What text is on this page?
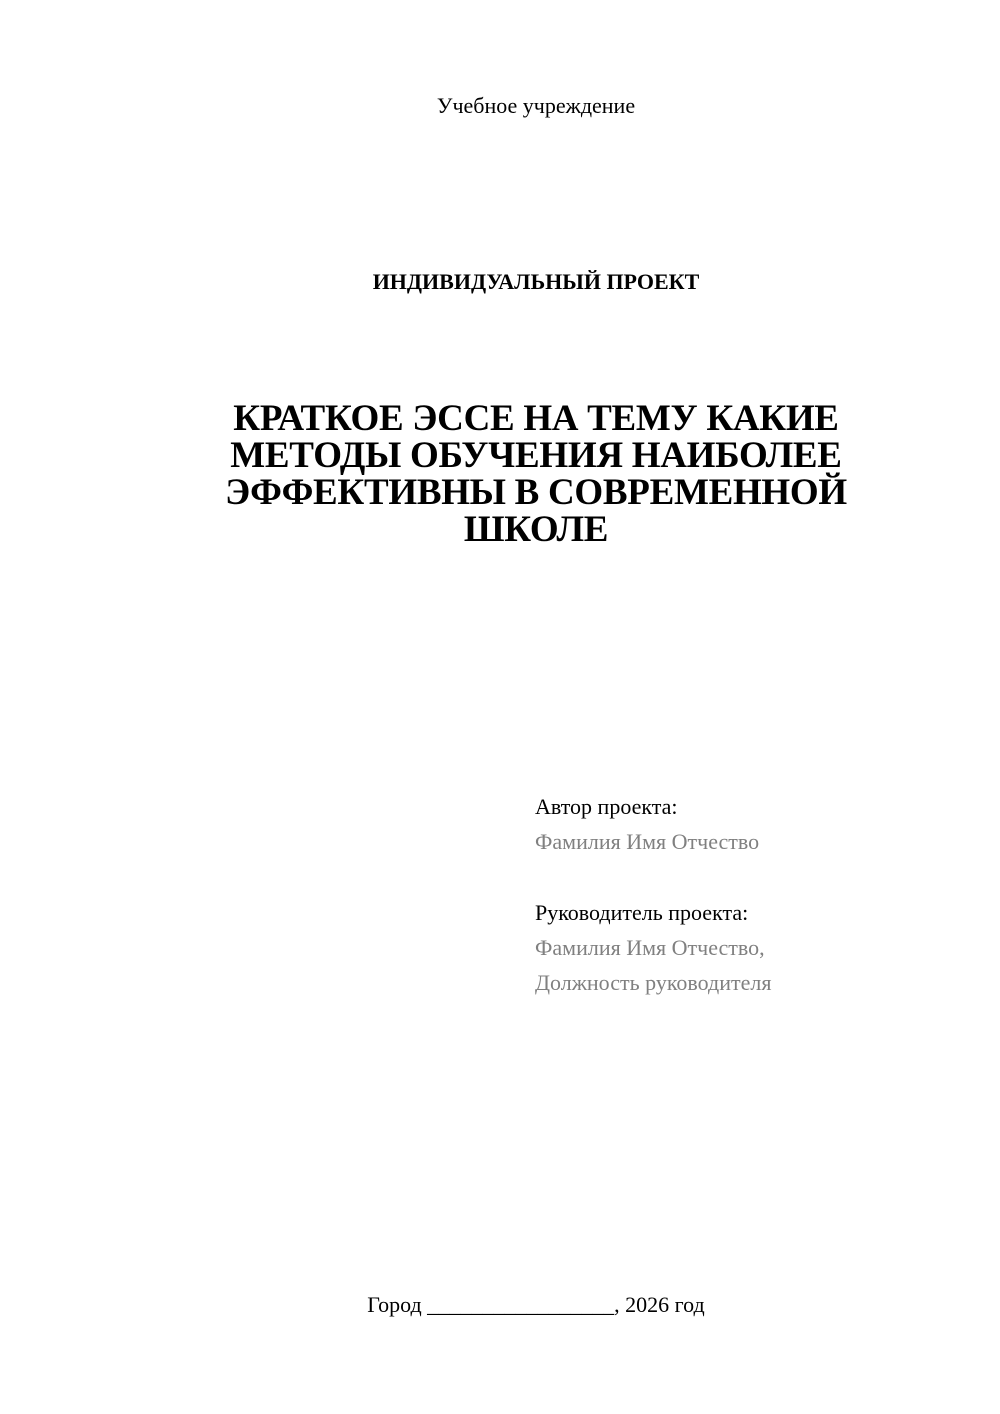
Учебное учреждение
ИНДИВИДУАЛЬНЫЙ ПРОЕКТ
КРАТКОЕ ЭССЕ НА ТЕМУ КАКИЕ
МЕТОДЫ ОБУЧЕНИЯ НАИБОЛЕЕ
ЭФФЕКТИВНЫ В СОВРЕМЕННОЙ
ШКОЛЕ
Автор проекта:
Фамилия Имя Отчество
Руководитель проекта:
Фамилия Имя Отчество,
Должность руководителя
Город _________________, 2026 год
